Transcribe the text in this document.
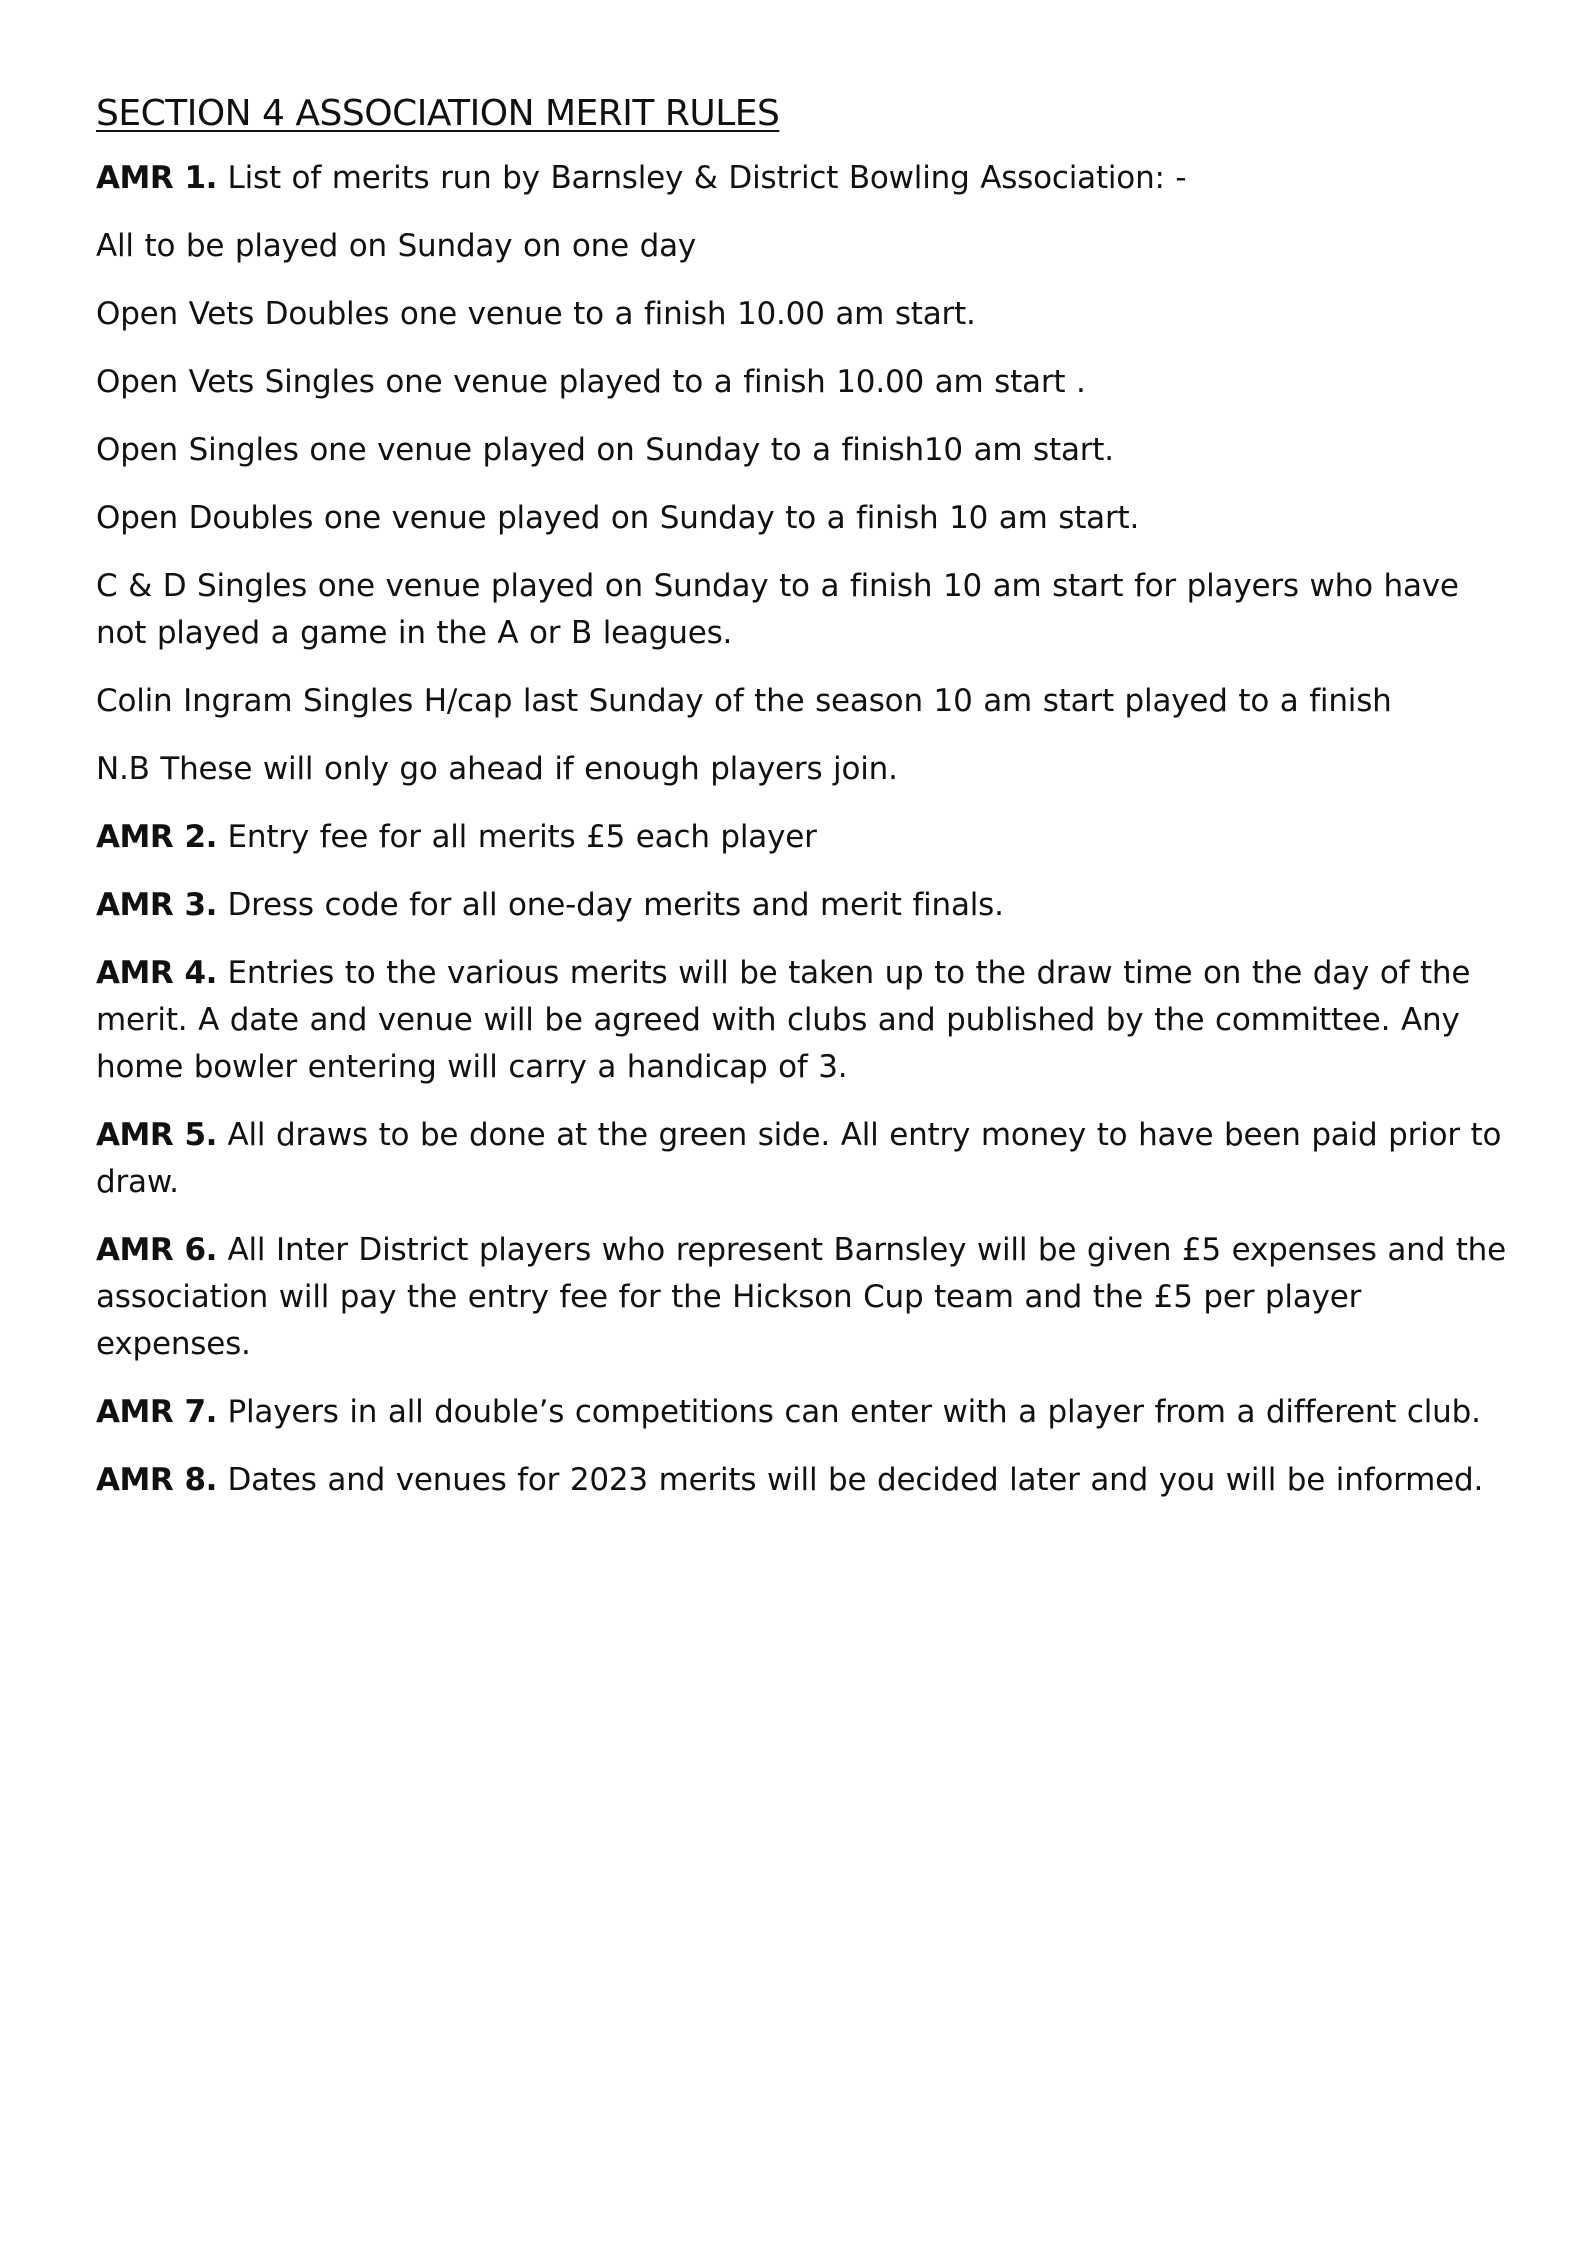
SECTION 4 ASSOCIATION MERIT RULES

AMR 1. List of merits run by Barnsley & District Bowling Association: -

All to be played on Sunday on one day

Open Vets Doubles one venue to a finish 10.00 am start.

Open Vets Singles one venue played to a finish 10.00 am start .

Open Singles one venue played on Sunday to a finish10 am start.

Open Doubles one venue played on Sunday to a finish 10 am start.

C & D Singles one venue played on Sunday to a finish 10 am start for players who have not played a game in the A or B leagues.

Colin Ingram Singles H/cap last Sunday of the season 10 am start played to a finish

N.B These will only go ahead if enough players join.

AMR 2. Entry fee for all merits £5 each player

AMR 3. Dress code for all one-day merits and merit finals.

AMR 4. Entries to the various merits will be taken up to the draw time on the day of the merit. A date and venue will be agreed with clubs and published by the committee. Any home bowler entering will carry a handicap of 3.

AMR 5. All draws to be done at the green side. All entry money to have been paid prior to draw.

AMR 6. All Inter District players who represent Barnsley will be given £5 expenses and the association will pay the entry fee for the Hickson Cup team and the £5 per player expenses.

AMR 7. Players in all double’s competitions can enter with a player from a different club.

AMR 8. Dates and venues for 2023 merits will be decided later and you will be informed.
